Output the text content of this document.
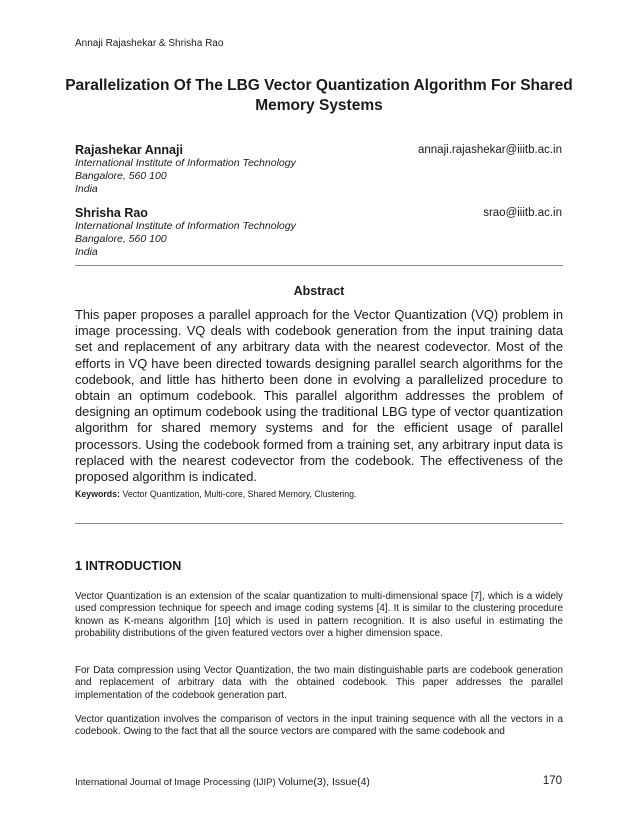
Annaji Rajashekar & Shrisha Rao
Parallelization Of The LBG Vector Quantization Algorithm For Shared Memory Systems
Rajashekar Annaji	annaji.rajashekar@iiitb.ac.in
International Institute of Information Technology
Bangalore, 560 100
India
Shrisha Rao	srao@iiitb.ac.in
International Institute of Information Technology
Bangalore, 560 100
India
Abstract

This paper proposes a parallel approach for the Vector Quantization (VQ) problem in image processing. VQ deals with codebook generation from the input training data set and replacement of any arbitrary data with the nearest codevector. Most of the efforts in VQ have been directed towards designing parallel search algorithms for the codebook, and little has hitherto been done in evolving a parallelized procedure to obtain an optimum codebook. This parallel algorithm addresses the problem of designing an optimum codebook using the traditional LBG type of vector quantization algorithm for shared memory systems and for the efficient usage of parallel processors. Using the codebook formed from a training set, any arbitrary input data is replaced with the nearest codevector from the codebook. The effectiveness of the proposed algorithm is indicated.

Keywords: Vector Quantization, Multi-core, Shared Memory, Clustering.
1 INTRODUCTION

Vector Quantization is an extension of the scalar quantization to multi-dimensional space [7], which is a widely used compression technique for speech and image coding systems [4]. It is similar to the clustering procedure known as K-means algorithm [10] which is used in pattern recognition. It is also useful in estimating the probability distributions of the given featured vectors over a higher dimension space.

For Data compression using Vector Quantization, the two main distinguishable parts are codebook generation and replacement of arbitrary data with the obtained codebook. This paper addresses the parallel implementation of the codebook generation part.

Vector quantization involves the comparison of vectors in the input training sequence with all the vectors in a codebook. Owing to the fact that all the source vectors are compared with the same codebook and

International Journal of Image Processing (IJIP) Volume(3), Issue(4)	170
